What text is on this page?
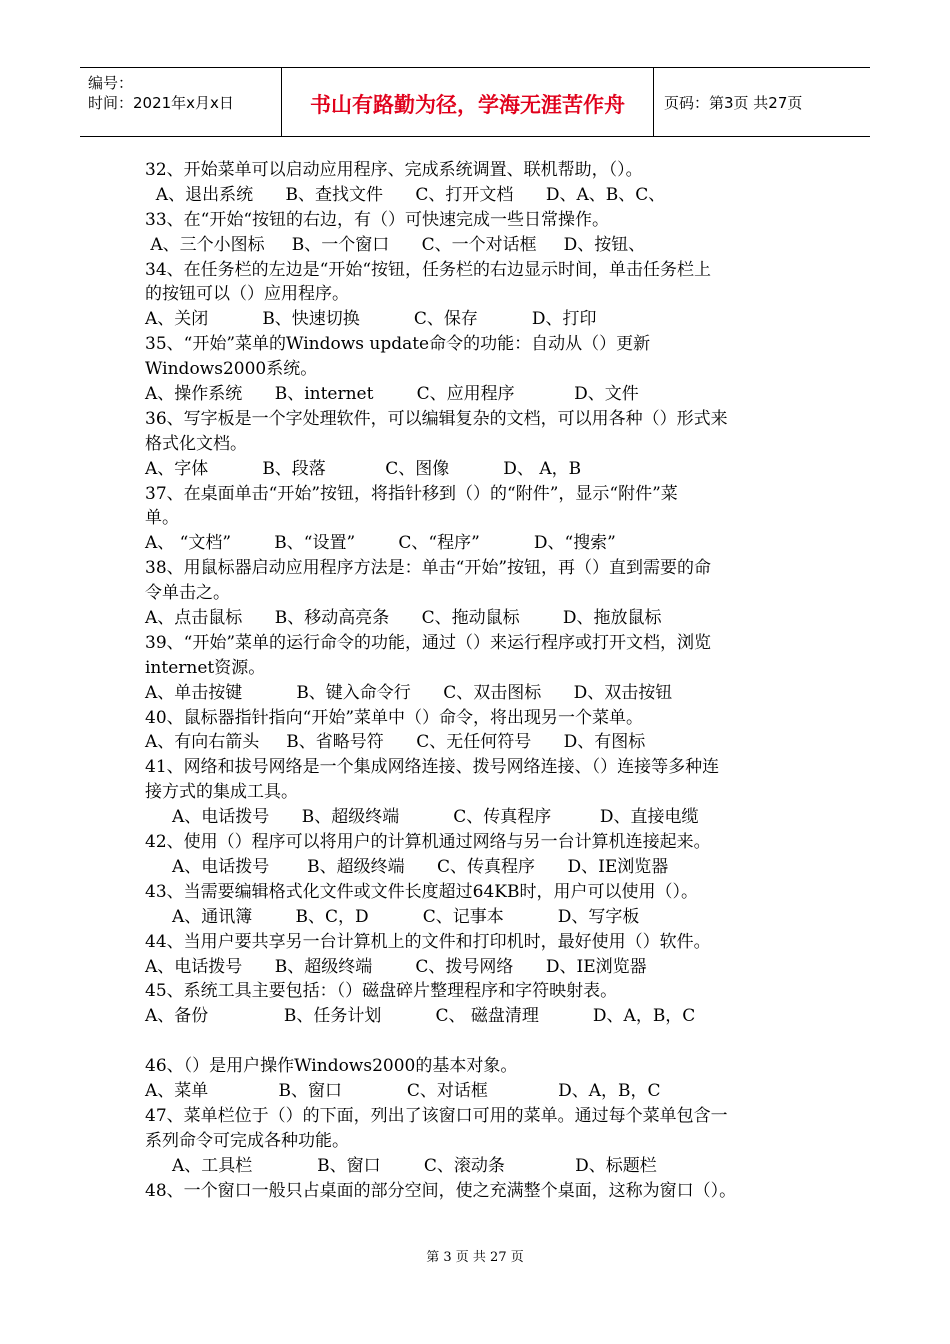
编号：
时间：2021年x月x日	书山有路勤为径，学海无涯苦作舟	页码：第3页 共27页
32、开始菜单可以启动应用程序、完成系统调置、联机帮助，（）。
A、退出系统      B、查找文件      C、打开文档      D、A、B、C、
33、在“开始“按钮的右边，有（）可快速完成一些日常操作。
A、三个小图标     B、一个窗口      C、一个对话框     D、按钮、
34、在任务栏的左边是“开始“按钮，任务栏的右边显示时间，单击任务栏上
的按钮可以（）应用程序。
A、关闭          B、快速切换          C、保存          D、打印
35、“开始”菜单的Windows update命令的功能：自动从（）更新
Windows2000系统。
A、操作系统      B、internet        C、应用程序           D、文件
36、写字板是一个字处理软件，可以编辑复杂的文档，可以用各种（）形式来
格式化文档。
A、字体          B、段落           C、图像          D、 A，B
37、在桌面单击“开始”按钮，将指针移到（）的“附件”，显示“附件”菜
单。
A、 “文档”        B、“设置”        C、“程序”          D、“搜索”
38、用鼠标器启动应用程序方法是：单击“开始”按钮，再（）直到需要的命
令单击之。
A、点击鼠标      B、移动高亮条      C、拖动鼠标        D、拖放鼠标
39、“开始”菜单的运行命令的功能，通过（）来运行程序或打开文档，浏览
internet资源。
A、单击按键          B、键入命令行      C、双击图标      D、双击按钮
40、鼠标器指针指向“开始”菜单中（）命令，将出现另一个菜单。
A、有向右箭头     B、省略号符      C、无任何符号      D、有图标
41、网络和拔号网络是一个集成网络连接、拨号网络连接、（）连接等多种连
接方式的集成工具。
A、电话拨号      B、超级终端          C、传真程序         D、直接电缆
42、使用（）程序可以将用户的计算机通过网络与另一台计算机连接起来。
A、电话拨号       B、超级终端      C、传真程序      D、IE浏览器
43、当需要编辑格式化文件或文件长度超过64KB时，用户可以使用（）。
A、通讯簿        B、C，D          C、记事本          D、写字板
44、当用户要共享另一台计算机上的文件和打印机时，最好使用（）软件。
A、电话拨号      B、超级终端        C、拨号网络      D、IE浏览器
45、系统工具主要包括：（）磁盘碎片整理程序和字符映射表。
A、备份              B、任务计划          C、 磁盘清理          D、A，B，C
46、（）是用户操作Windows2000的基本对象。
A、菜单             B、窗口            C、对话框             D、A，B，C
47、菜单栏位于（）的下面，列出了该窗口可用的菜单。通过每个菜单包含一
系列命令可完成各种功能。
A、工具栏            B、窗口        C、滚动条             D、标题栏
48、一个窗口一般只占桌面的部分空间，使之充满整个桌面，这称为窗口（）。
第 3 页 共 27 页
